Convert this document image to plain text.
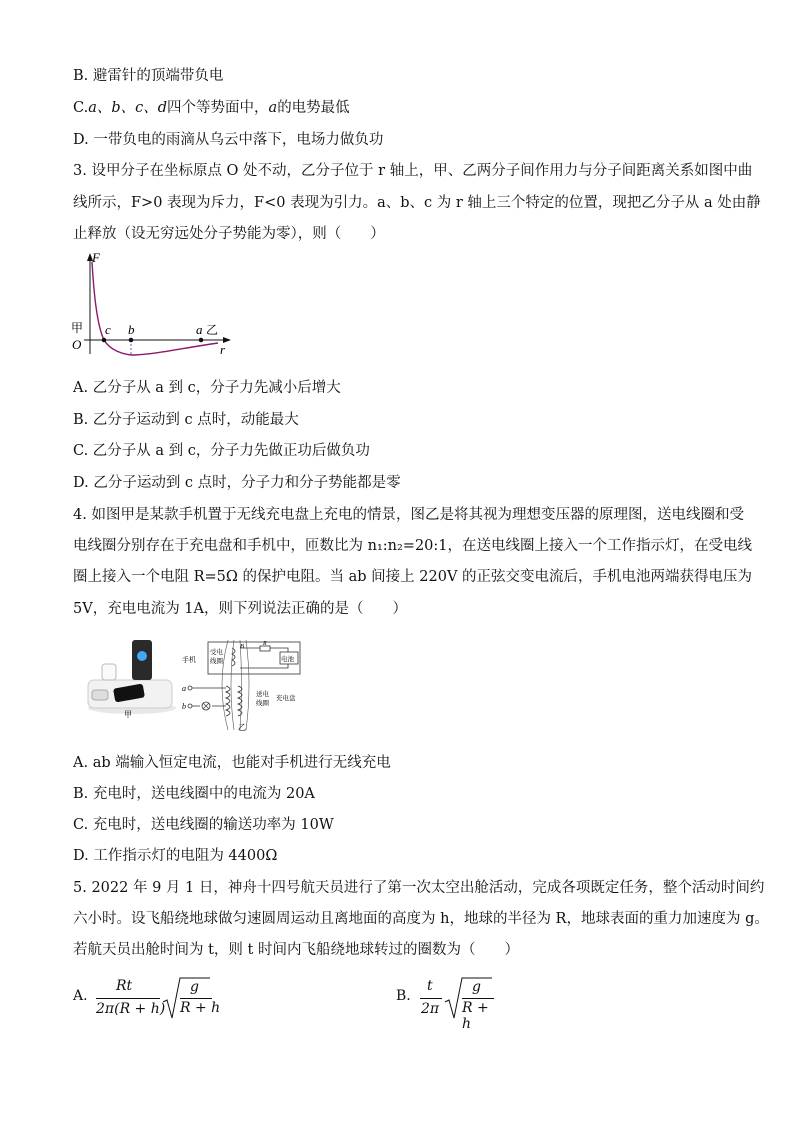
B. 避雷针的顶端带负电
C.a、b、c、d四个等势面中，a的电势最低
D. 一带负电的雨滴从乌云中落下，电场力做负功
3. 设甲分子在坐标原点 O 处不动，乙分子位于 r 轴上，甲、乙两分子间作用力与分子间距离关系如图中曲
线所示，F>0 表现为斥力，F<0 表现为引力。a、b、c 为 r 轴上三个特定的位置，现把乙分子从 a 处由静
止释放（设无穷远处分子势能为零），则（　　）
F
甲
O
c b	a 乙
r
A. 乙分子从 a 到 c，分子力先减小后增大
B. 乙分子运动到 c 点时，动能最大
C. 乙分子从 a 到 c，分子力先做正功后做负功
D. 乙分子运动到 c 点时，分子力和分子势能都是零
4. 如图甲是某款手机置于无线充电盘上充电的情景，图乙是将其视为理想变压器的原理图，送电线圈和受
电线圈分别存在于充电盘和手机中，匝数比为 n₁:n₂=20:1，在送电线圈上接入一个工作指示灯，在受电线
圈上接入一个电阻 R=5Ω 的保护电阻。当 ab 间接上 220V 的正弦交变电流后，手机电池两端获得电压为
5V，充电电流为 1A，则下列说法正确的是（　　）
甲
手机
受电
线圈	电池
R
B
a
b
送电
线圈
充电盘
乙
A. ab 端输入恒定电流，也能对手机进行无线充电
B. 充电时，送电线圈中的电流为 20A
C. 充电时，送电线圈的输送功率为 10W
D. 工作指示灯的电阻为 4400Ω
5. 2022 年 9 月 1 日，神舟十四号航天员进行了第一次太空出舱活动，完成各项既定任务，整个活动时间约
六小时。设飞船绕地球做匀速圆周运动且离地面的高度为 h，地球的半径为 R，地球表面的重力加速度为 g。
若航天员出舱时间为 t，则 t 时间内飞船绕地球转过的圈数为（　　）
A.
Rt
2π(R + h)
g
R + h
B.
t
2π
g
R + h
